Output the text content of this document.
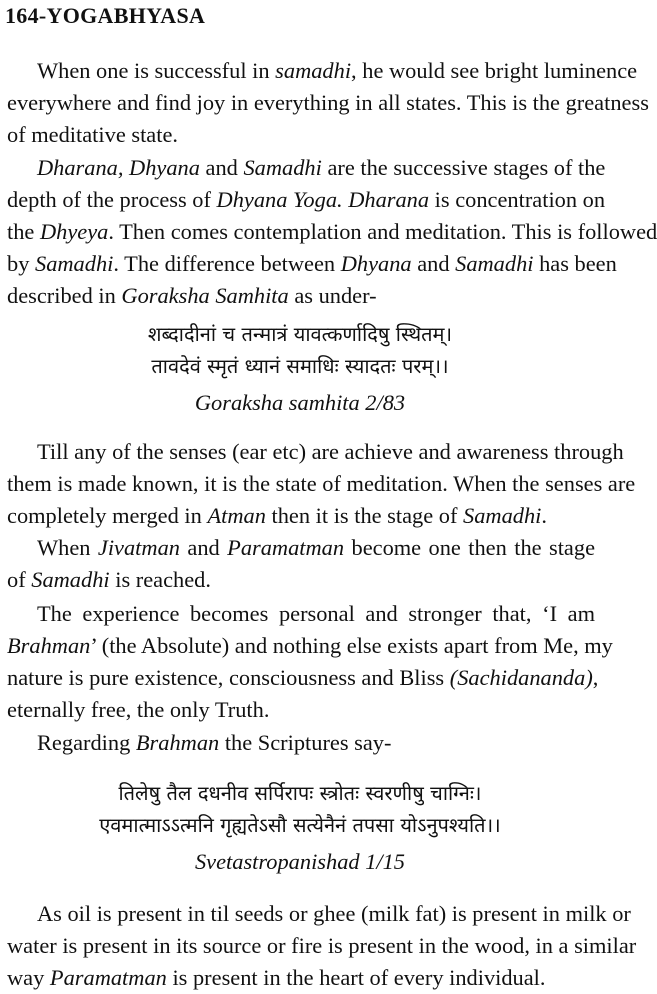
164-YOGABHYASA

When one is successful in samadhi, he would see bright luminence
everywhere and find joy in everything in all states. This is the greatness
of meditative state.

Dharana, Dhyana and Samadhi are the successive stages of the
depth of the process of Dhyana Yoga. Dharana is concentration on
the Dhyeya. Then comes contemplation and meditation. This is followed
by Samadhi. The difference between Dhyana and Samadhi has been
described in Goraksha Samhita as under-

शब्दादीनां च तन्मात्रं यावत्कर्णादिषु स्थितम्।

तावदेवं स्मृतं ध्यानं समाधिः स्यादतः परम्।।

Goraksha samhita 2/83

Till any of the senses (ear etc) are achieve and awareness through
them is made known, it is the state of meditation. When the senses are
completely merged in Atman then it is the stage of Samadhi.

When Jivatman and Paramatman become one then the stage
of Samadhi is reached.

The experience becomes personal and stronger that, ‘I am
Brahman’ (the Absolute) and nothing else exists apart from Me, my
nature is pure existence, consciousness and Bliss (Sachidananda),
eternally free, the only Truth.

Regarding Brahman the Scriptures say-

तिलेषु तैल दधनीव सर्पिरापः स्त्रोतः स्वरणीषु चाग्निः।

एवमात्माऽऽत्मनि गृह्यतेऽसौ सत्येनैनं तपसा योऽनुपश्यति।।

Svetastropanishad 1/15

As oil is present in til seeds or ghee (milk fat) is present in milk or
water is present in its source or fire is present in the wood, in a similar
way Paramatman is present in the heart of every individual.
